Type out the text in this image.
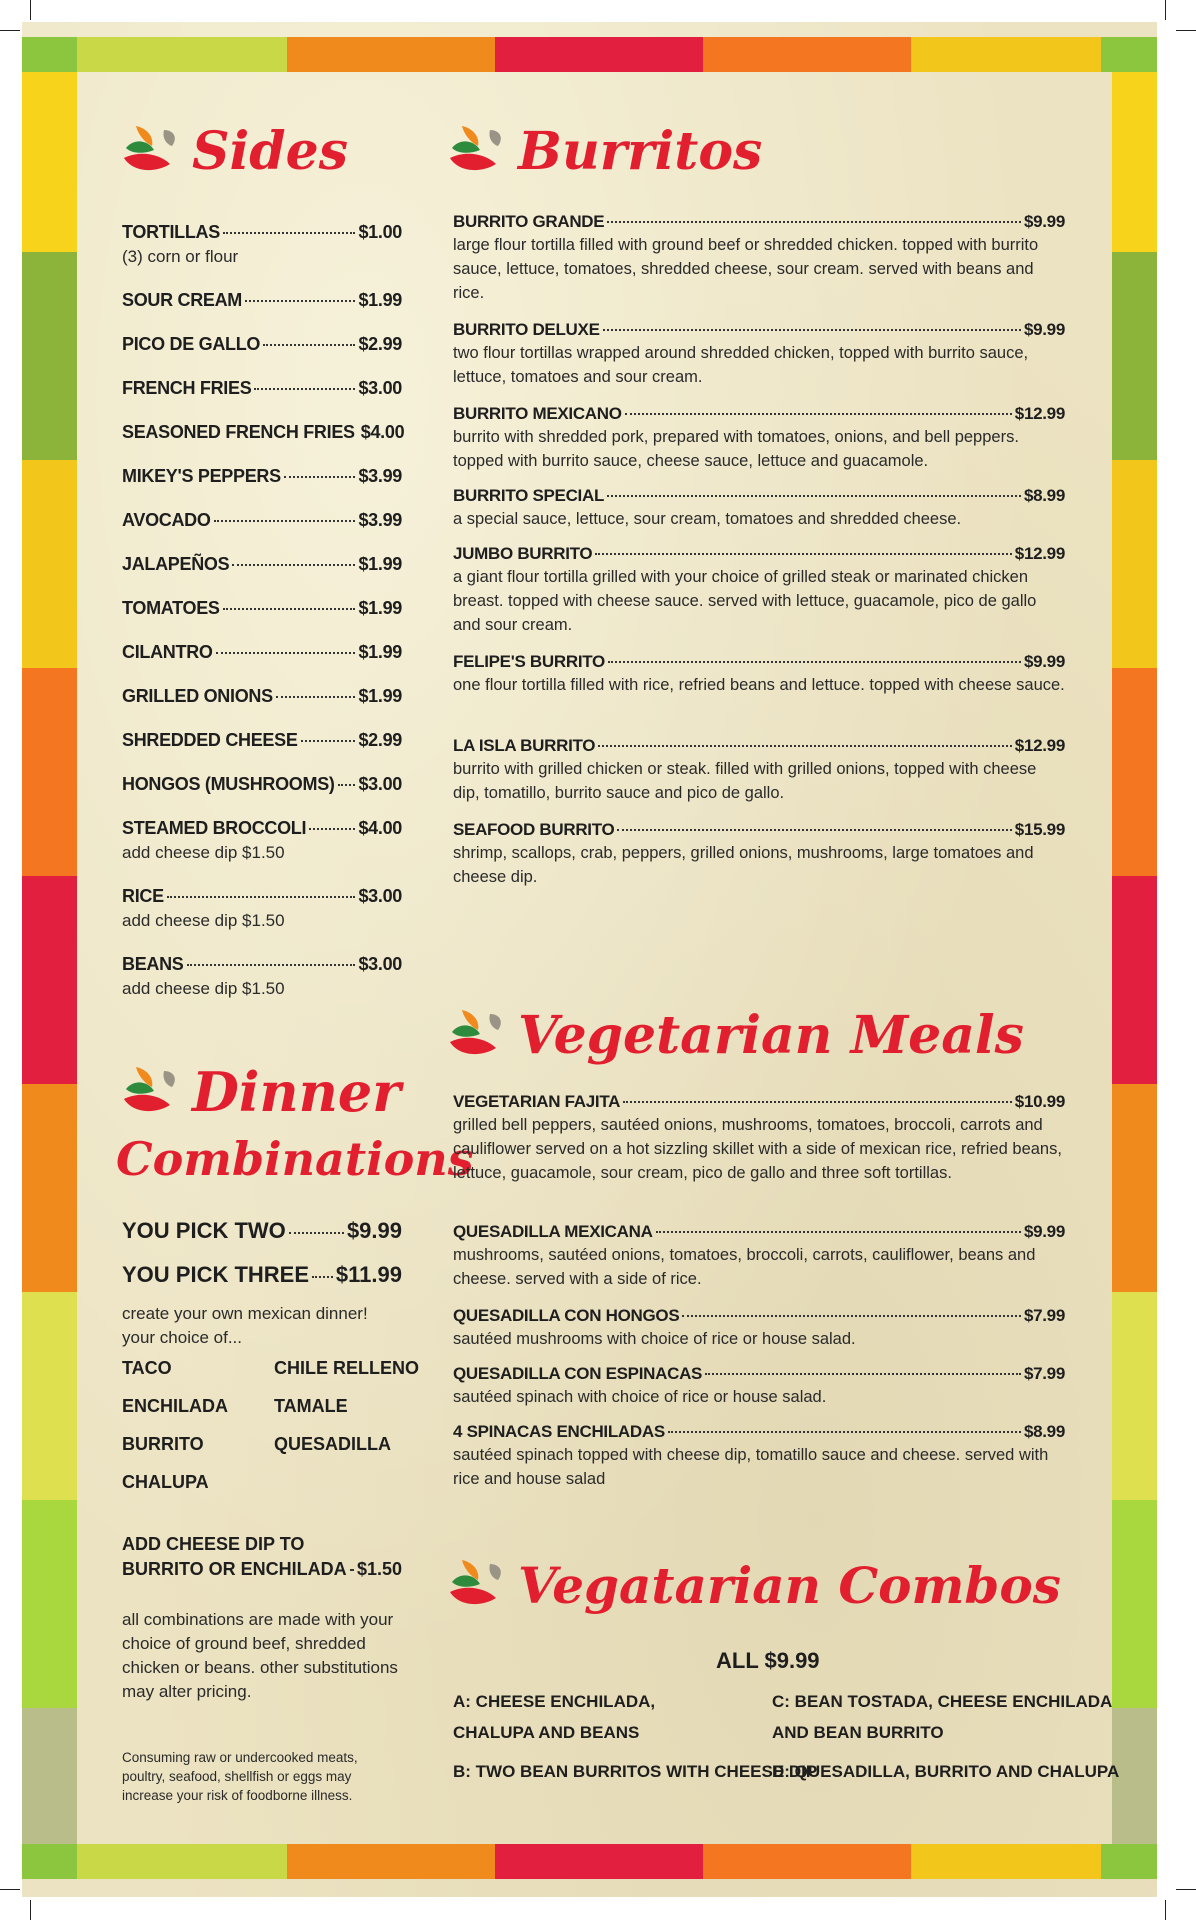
Sides
TORTILLAS	$1.00
(3) corn or flour
SOUR CREAM	$1.99
PICO DE GALLO	$2.99
FRENCH FRIES	$3.00
SEASONED FRENCH FRIES $4.00
MIKEY'S PEPPERS	$3.99
AVOCADO	$3.99
JALAPEÑOS	$1.99
TOMATOES	$1.99
CILANTRO	$1.99
GRILLED ONIONS	$1.99
SHREDDED CHEESE	$2.99
HONGOS (MUSHROOMS) $3.00
STEAMED BROCCOLI	$4.00
add cheese dip $1.50
RICE	$3.00
add cheese dip $1.50
BEANS	$3.00
add cheese dip $1.50
Dinner
Combinations
YOU PICK TWO	$9.99
YOU PICK THREE $11.99
create your own mexican dinner! your choice of...
TACO
ENCHILADA
BURRITO
CHALUPA
CHILE RELLENO
TAMALE
QUESADILLA
ADD CHEESE DIP TO
BURRITO OR ENCHILADA $1.50
all combinations are made with your choice of ground beef, shredded chicken or beans. other substitutions may alter pricing.
Consuming raw or undercooked meats, poultry, seafood, shellfish or eggs may increase your risk of foodborne illness.
Burritos
BURRITO GRANDE	$9.99
large flour tortilla filled with ground beef or shredded chicken. topped with burrito sauce, lettuce, tomatoes, shredded cheese, sour cream. served with beans and rice.
BURRITO DELUXE	$9.99
two flour tortillas wrapped around shredded chicken, topped with burrito sauce, lettuce, tomatoes and sour cream.
BURRITO MEXICANO	$12.99
burrito with shredded pork, prepared with tomatoes, onions, and bell peppers. topped with burrito sauce, cheese sauce, lettuce and guacamole.
BURRITO SPECIAL	$8.99
a special sauce, lettuce, sour cream, tomatoes and shredded cheese.
JUMBO BURRITO	$12.99
a giant flour tortilla grilled with your choice of grilled steak or marinated chicken breast. topped with cheese sauce. served with lettuce, guacamole, pico de gallo and sour cream.
FELIPE'S BURRITO	$9.99
one flour tortilla filled with rice, refried beans and lettuce. topped with cheese sauce.
LA ISLA BURRITO	$12.99
burrito with grilled chicken or steak. filled with grilled onions, topped with cheese dip, tomatillo, burrito sauce and pico de gallo.
SEAFOOD BURRITO	$15.99
shrimp, scallops, crab, peppers, grilled onions, mushrooms, large tomatoes and cheese dip.
Vegetarian Meals
VEGETARIAN FAJITA	$10.99
grilled bell peppers, sautéed onions, mushrooms, tomatoes, broccoli, carrots and cauliflower served on a hot sizzling skillet with a side of mexican rice, refried beans, lettuce, guacamole, sour cream, pico de gallo and three soft tortillas.
QUESADILLA MEXICANA	$9.99
mushrooms, sautéed onions, tomatoes, broccoli, carrots, cauliflower, beans and cheese. served with a side of rice.
QUESADILLA CON HONGOS	$7.99
sautéed mushrooms with choice of rice or house salad.
QUESADILLA CON ESPINACAS	$7.99
sautéed spinach with choice of rice or house salad.
4 SPINACAS ENCHILADAS	$8.99
sautéed spinach topped with cheese dip, tomatillo sauce and cheese. served with rice and house salad
Vegatarian Combos
ALL $9.99
A: CHEESE ENCHILADA,
CHALUPA AND BEANS
B: TWO BEAN BURRITOS WITH CHEESE DIP
C: BEAN TOSTADA, CHEESE ENCHILADA
AND BEAN BURRITO
D: QUESADILLA, BURRITO AND CHALUPA
